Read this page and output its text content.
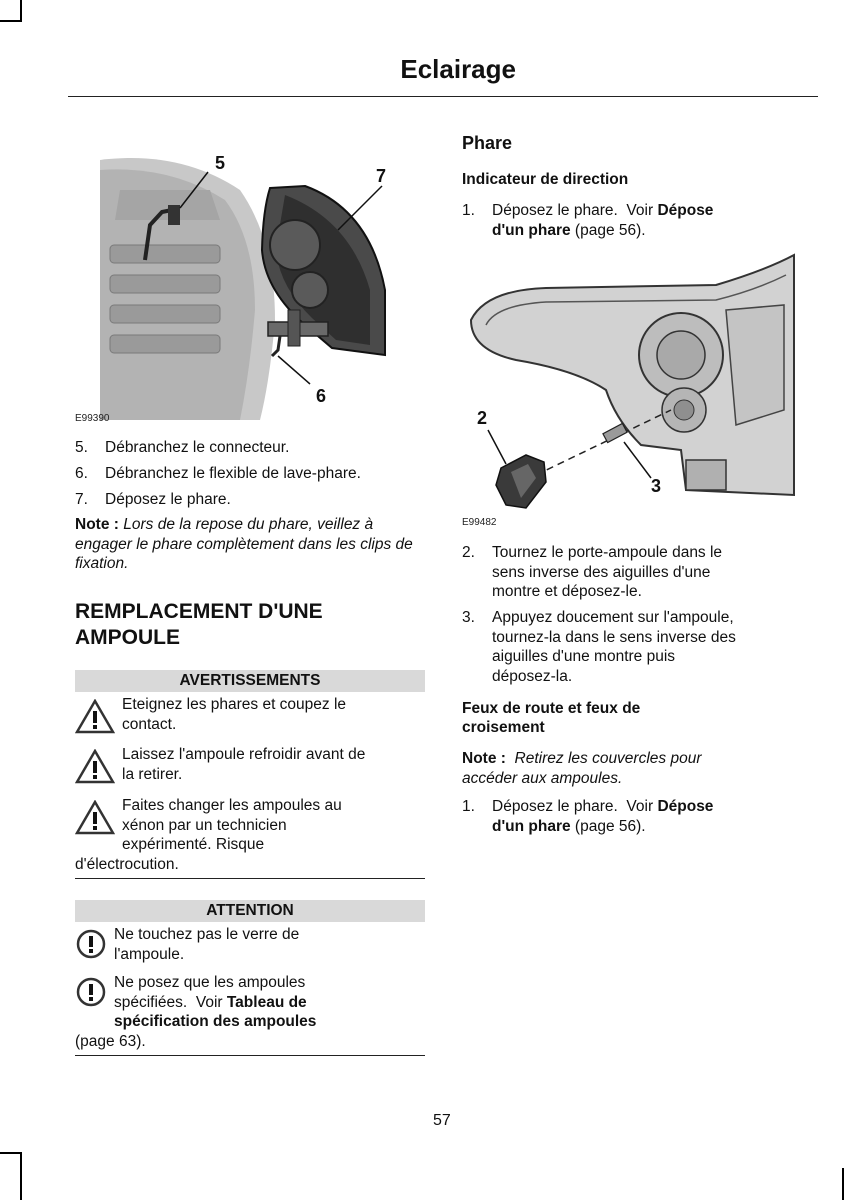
Eclairage
5
7
6
E99390
5. Débranchez le connecteur.
6. Débranchez le flexible de lave-phare.
7. Déposez le phare.
Note : Lors de la repose du phare, veillez à engager le phare complètement dans les clips de fixation.
REMPLACEMENT D'UNE
AMPOULE
AVERTISSEMENTS
Eteignez les phares et coupez le
contact.
Laissez l'ampoule refroidir avant de
la retirer.
Faites changer les ampoules au
xénon par un technicien
expérimenté. Risque
d'électrocution.
ATTENTION
Ne touchez pas le verre de
l'ampoule.
Ne posez que les ampoules
spécifiées.  Voir Tableau de
spécification des ampoules
(page 63).
Phare
Indicateur de direction
1. Déposez le phare.  Voir Dépose
d'un phare (page 56).
2
3
E99482
2. Tournez le porte-ampoule dans le
sens inverse des aiguilles d'une
montre et déposez-le.
3. Appuyez doucement sur l'ampoule,
tournez-la dans le sens inverse des
aiguilles d'une montre puis
déposez-la.
Feux de route et feux de
croisement
Note : Retirez les couvercles pour
accéder aux ampoules.
1. Déposez le phare.  Voir Dépose
d'un phare (page 56).
57
